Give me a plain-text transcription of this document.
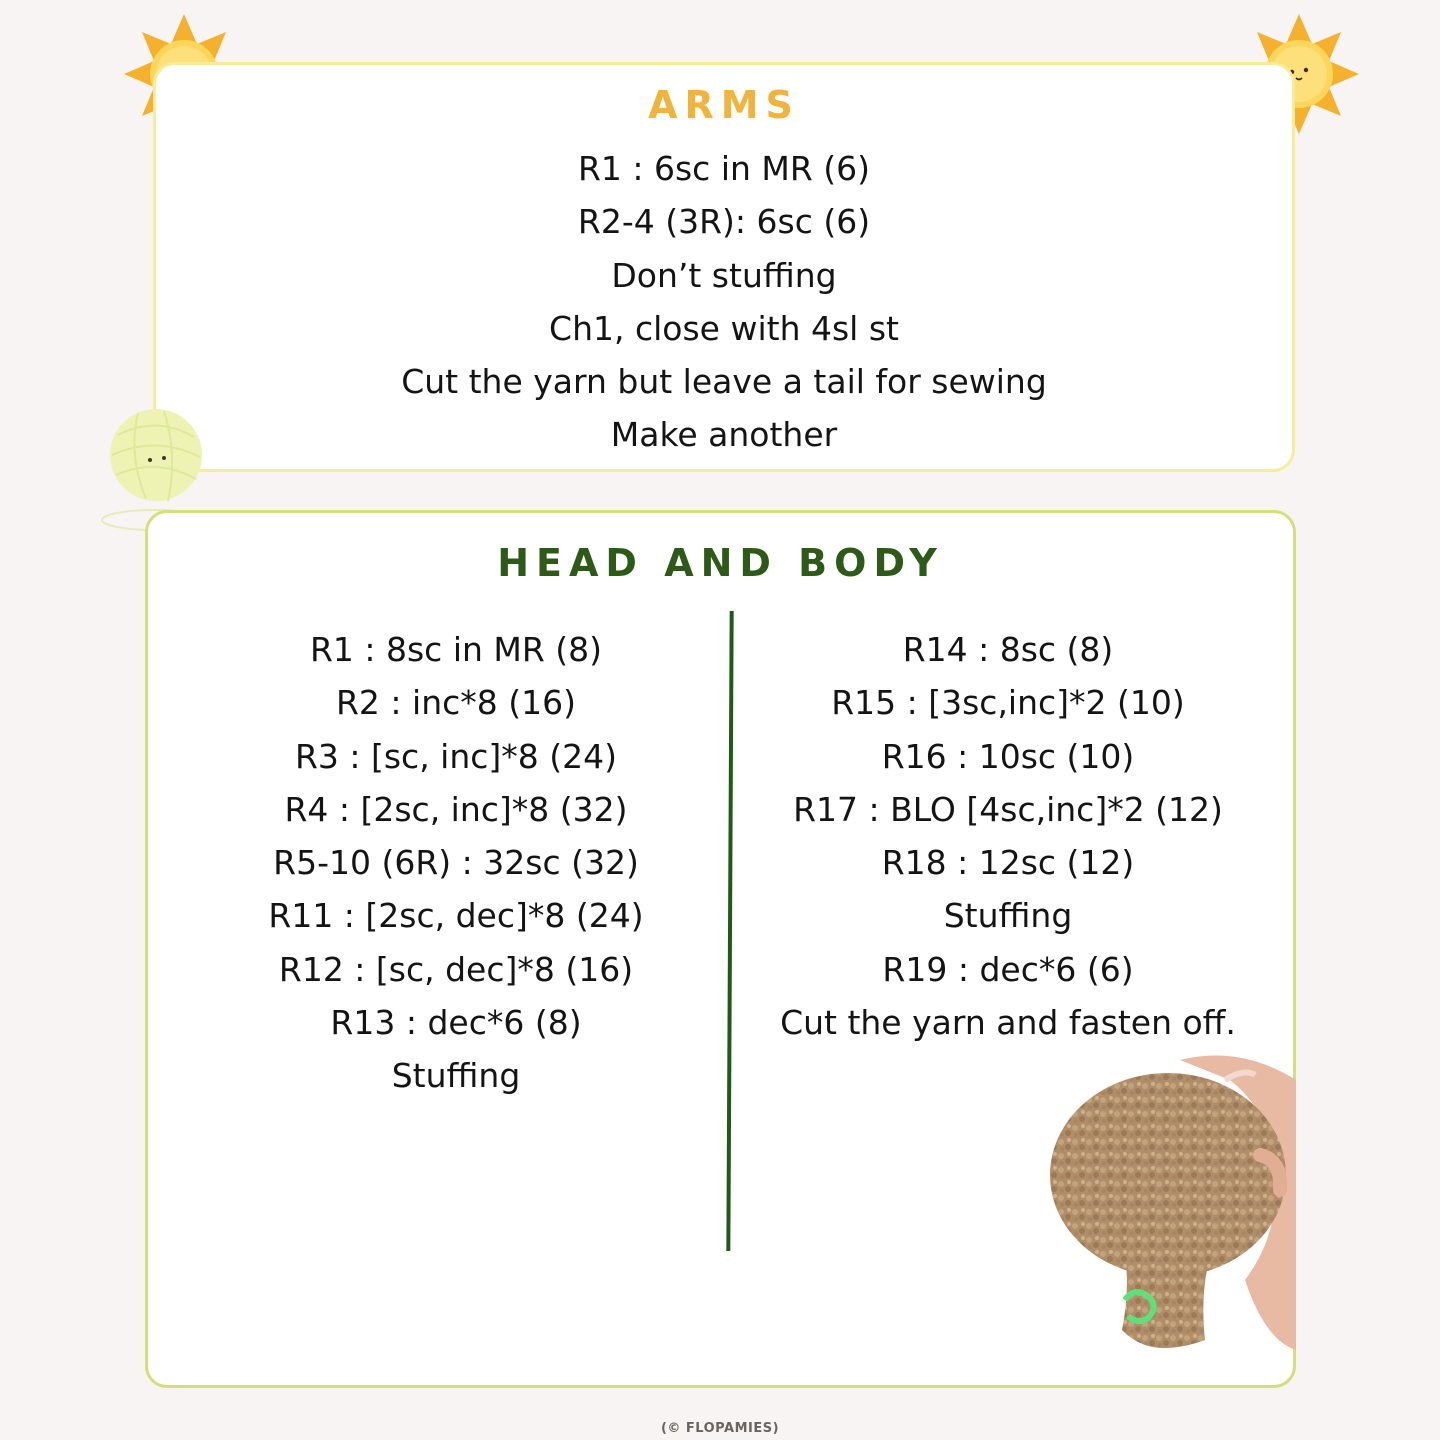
ARMS
R1 : 6sc in MR (6)
R2-4 (3R): 6sc (6)
Don’t stuffing
Ch1, close with 4sl st
Cut the yarn but leave a tail for sewing
Make another
HEAD AND BODY
R1 : 8sc in MR (8)
R2 : inc*8 (16)
R3 : [sc, inc]*8 (24)
R4 : [2sc, inc]*8 (32)
R5-10 (6R) : 32sc (32)
R11 : [2sc, dec]*8 (24)
R12 : [sc, dec]*8 (16)
R13 : dec*6 (8)
Stuffing
R14 : 8sc (8)
R15 : [3sc,inc]*2 (10)
R16 : 10sc (10)
R17 : BLO [4sc,inc]*2 (12)
R18 : 12sc (12)
Stuffing
R19 : dec*6 (6)
Cut the yarn and fasten off.
(© FLOPAMIES)
